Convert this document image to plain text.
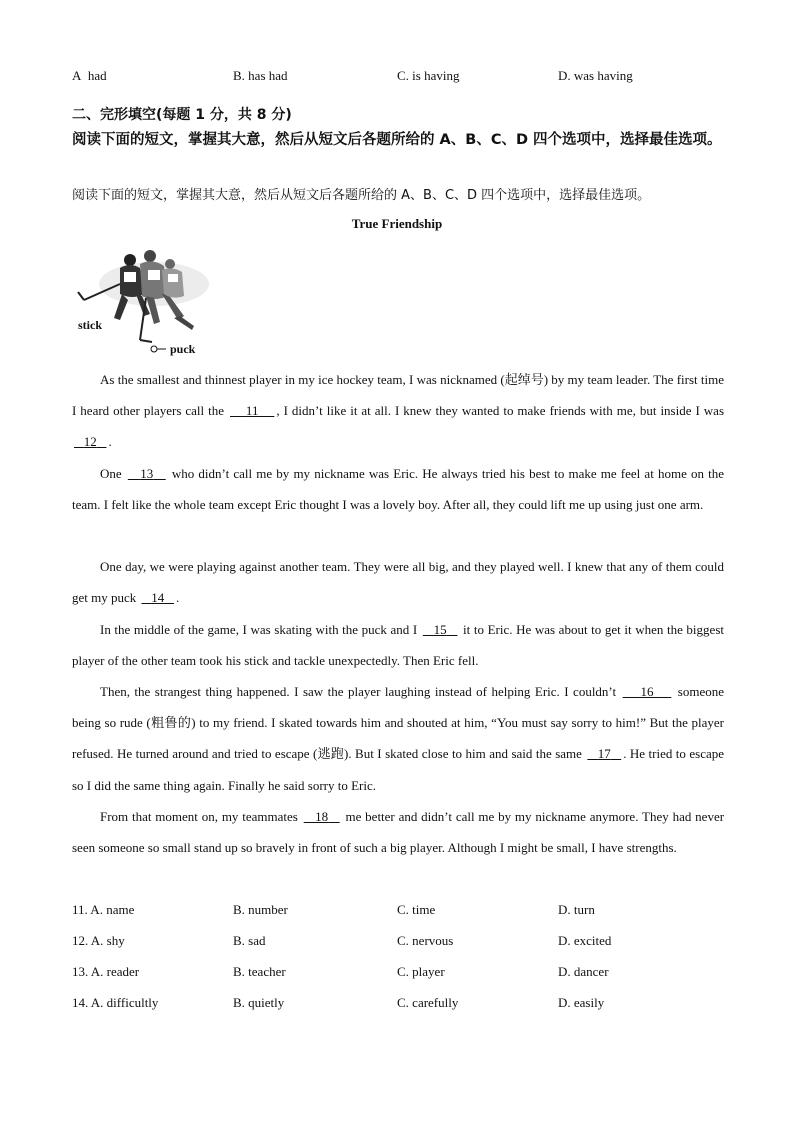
A had	B. has had	C. is having	D. was having
二、完形填空(每题 1 分，共 8 分)
阅读下面的短文，掌握其大意，然后从短文后各题所给的 A、B、C、D 四个选项中，选择最佳选项。
阅读下面的短文，掌握其大意，然后从短文后各题所给的 A、B、C、D 四个选项中，选择最佳选项。
True Friendship
stick
puck
As the smallest and thinnest player in my ice hockey team, I was nicknamed (起绰号) by my team leader. The first time I heard other players call the     11 , I didn’t like it at all. I knew they wanted to make friends with me, but inside I was    12 .
One    13    who didn’t call me by my nickname was Eric. He always tried his best to make me feel at home on the team. I felt like the whole team except Eric thought I was a lovely boy. After all, they could lift me up using just one arm.
One day, we were playing against another team. They were all big, and they played well. I knew that any of them could get my puck    14 .
In the middle of the game, I was skating with the puck and I    15    it to Eric. He was about to get it when the biggest player of the other team took his stick and tackle unexpectedly. Then Eric fell.
Then, the strangest thing happened. I saw the player laughing instead of helping Eric. I couldn’t     16     someone being so rude (粗鲁的) to my friend. I skated towards him and shouted at him, “You must say sorry to him!” But the player refused. He turned around and tried to escape (逃跑). But I skated close to him and said the same    17 . He tried to escape so I did the same thing again. Finally he said sorry to Eric.
From that moment on, my teammates    18    me better and didn’t call me by my nickname anymore. They had never seen someone so small stand up so bravely in front of such a big player. Although I might be small, I have strengths.
11. A. name	B. number	C. time	D. turn
12. A. shy	B. sad	C. nervous	D. excited
13. A. reader	B. teacher	C. player	D. dancer
14. A. difficultly	B. quietly	C. carefully	D. easily
